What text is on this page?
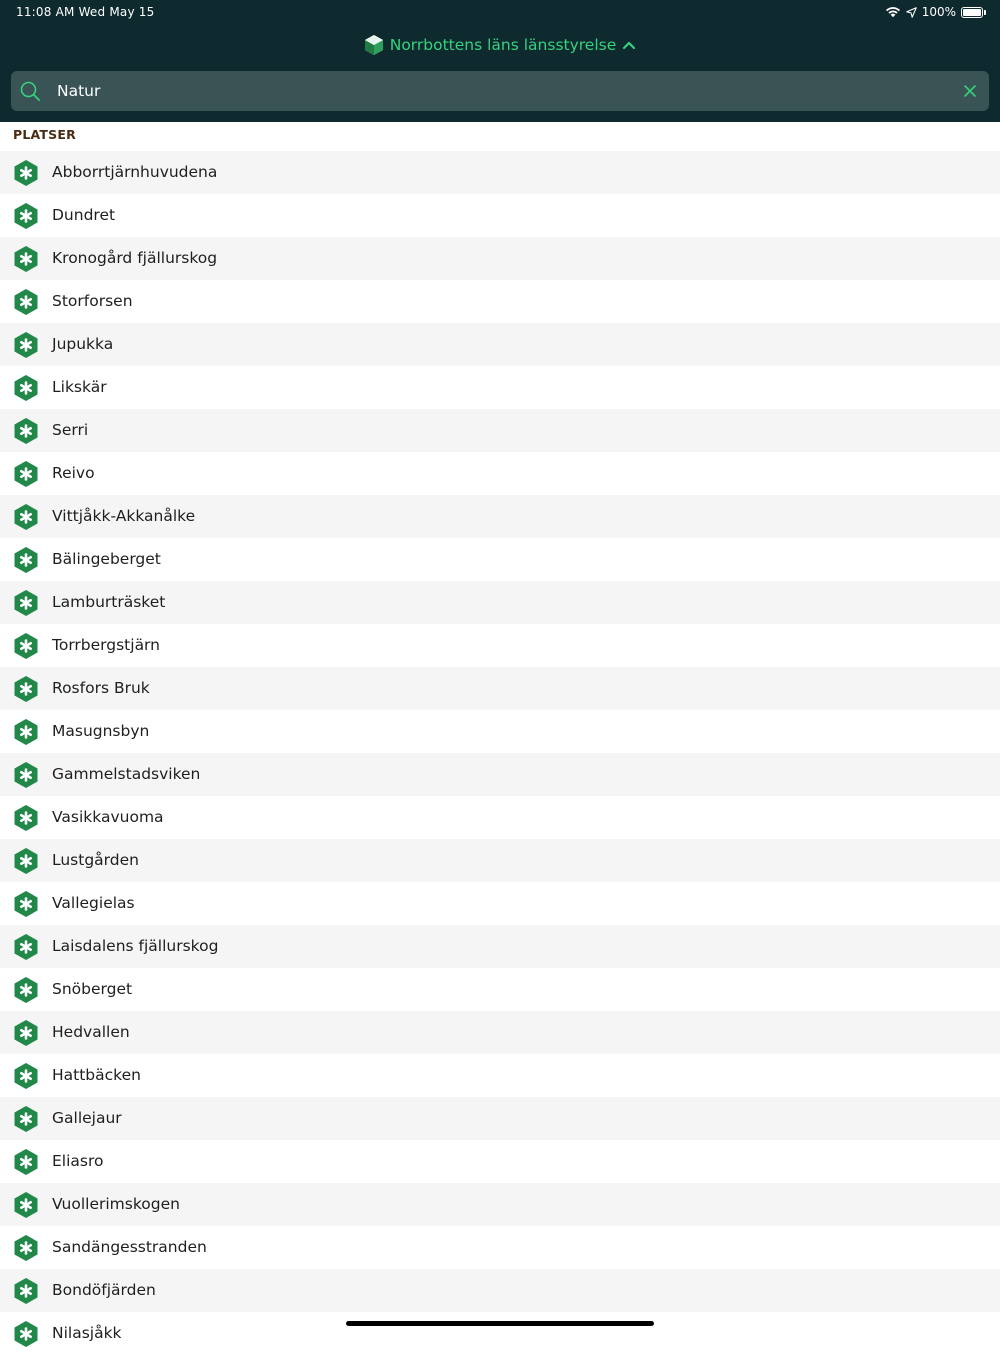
11:08 AM Wed May 15	100%
Norrbottens läns länsstyrelse
Natur
PLATSER
Abborrtjärnhuvudena
Dundret
Kronogård fjällurskog
Storforsen
Jupukka
Likskär
Serri
Reivo
Vittjåkk-Akkanålke
Bälingeberget
Lamburträsket
Torrbergstjärn
Rosfors Bruk
Masugnsbyn
Gammelstadsviken
Vasikkavuoma
Lustgården
Vallegielas
Laisdalens fjällurskog
Snöberget
Hedvallen
Hattbäcken
Gallejaur
Eliasro
Vuollerimskogen
Sandängesstranden
Bondöfjärden
Nilasjåkk
